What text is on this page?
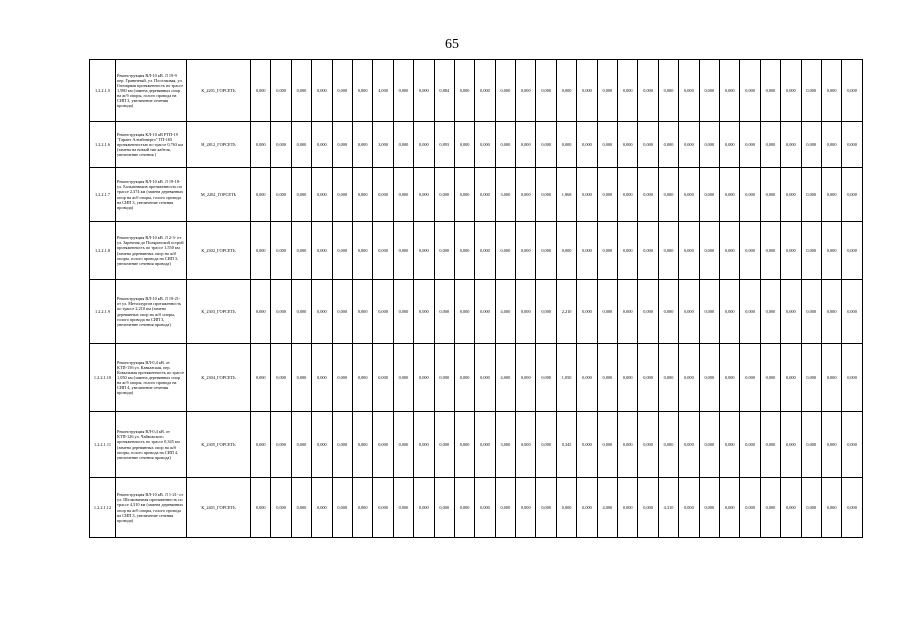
65
1.2.2.1.5	Реконструкция ВЛ-10 кВ. Л 19-9 пер. Гранитный, ул. Поселковая, ул. Гончарная протяженность по трассе 1,980 км (замена деревянных опор на ж/б опоры, голого провода на СИП 3, увеличение сечения провода)	К_2201_ГОРСЕТЬ	0,000	0,000	0,000	0,000	0,000	0,000	4,000	0,000	0,000	0,884	0,000	0,000	0,000	0,000	0,000	0,000	0,000	0,000	0,000	0,000	0,000	0,000	0,000	0,000	0,000	0,000	0,000	0,000	0,000	0,000
1.2.2.1.6	Реконструкция КЛ-10 кВ РТП-19 "Гарант Алтайэнерго" ТП-165 протяженностью по трассе 0,763 км (замена на новый тип кабеля, увеличение сечения )	Н_2812_ГОРСЕТЬ	0,000	0,000	0,000	0,000	0,000	0,000	3,000	0,000	0,000	0,893	0,000	0,000	0,000	0,000	0,000	0,000	0,000	0,000	0,000	0,000	0,000	0,000	0,000	0,000	0,000	0,000	0,000	0,000	0,000	0,000
1.2.2.1.7	Реконструкция ВЛ-10 кВ. Л 19-18- ул. Большевиков протяженность по трассе 2,374 км (замена деревянных опор на ж/б опоры, голого провода на СИП 3, увеличение сечения провода)	М_2202_ГОРСЕТЬ	0,000	0,000	0,000	0,000	0,000	0,000	0,000	0,000	0,000	0,000	0,000	0,000	3,000	0,000	0,000	1,868	0,000	0,000	0,000	0,000	0,000	0,000	0,000	0,000	0,000	0,000	0,000	0,000	0,000	0,000
1.2.2.1.8	Реконструкция ВЛ-10 кВ. Л 2-3- от ул. Заречная до Поляризской острой протяженность по трассе 1,550 км (замена деревянных опор на ж/б опоры, голого провода на СИП 3, увеличение сечения провода)	К_2302_ГОРСЕТЬ	0,000	0,000	0,000	0,000	0,000	0,000	0,000	0,000	0,000	0,000	0,000	0,000	0,000	0,000	0,000	0,000	0,000	0,000	0,000	0,000	0,000	0,000	0,000	0,000	0,000	0,000	0,000	0,000	0,000	0,000
1.2.2.1.9	Реконструкция ВЛ-10 кВ. Л 19-21- от ул. Металлургов протяженность по трассе 2,210 км (замена деревянных опор на ж/б опоры, голого провода на СИП 3, увеличение сечения провода)	К_2303_ГОРСЕТЬ	0,000	0,000	0,000	0,000	0,000	0,000	0,000	0,000	0,000	0,000	0,000	0,000	4,000	0,000	0,000	2,210	0,000	0,000	0,000	0,000	0,000	0,000	0,000	0,000	0,000	0,000	0,000	0,000	0,000	0,000
1.2.2.1.10	Реконструкция ВЛ-0,4 кВ. от КТП-156 ул. Кавказская, пер. Ковыльная протяженность по трассе 1,050 км (замена деревянных опор на ж/б опоры, голого провода на СИП 4, увеличение сечения провода)	К_2304_ГОРСЕТЬ	0,000	0,000	0,000	0,000	0,000	0,000	0,000	0,000	0,000	0,000	0,000	0,000	4,000	0,000	0,000	1,050	0,000	0,000	0,000	0,000	0,000	0,000	0,000	0,000	0,000	0,000	0,000	0,000	0,000	0,000
1.2.2.1.11	Реконструкция ВЛ-0,4 кВ. от КТП-126 ул. Чайковского протяженность по трассе 0,345 км (замена деревянных опор на ж/б опоры, голого провода на СИП 4, увеличение сечения провода)	К_2305_ГОРСЕТЬ	0,000	0,000	0,000	0,000	0,000	0,000	0,000	0,000	0,000	0,000	0,000	0,000	3,000	0,000	0,000	0,345	0,000	0,000	0,000	0,000	0,000	0,000	0,000	0,000	0,000	0,000	0,000	0,000	0,000	0,000
1.2.2.1.12	Реконструкция ВЛ-10 кВ. Л 1-21- от ул. Шелковичная протяженность по трассе 4,310 км (замена деревянных опор на ж/б опоры, голого провода на СИП 3, увеличение сечения провода)	К_2401_ГОРСЕТЬ	0,000	0,000	0,000	0,000	0,000	0,000	0,000	0,000	0,000	0,000	0,000	0,000	0,000	0,000	0,000	0,000	0,000	4,000	0,000	0,000	4,310	0,000	0,000	0,000	0,000	0,000	0,000	0,000	0,000	0,000
